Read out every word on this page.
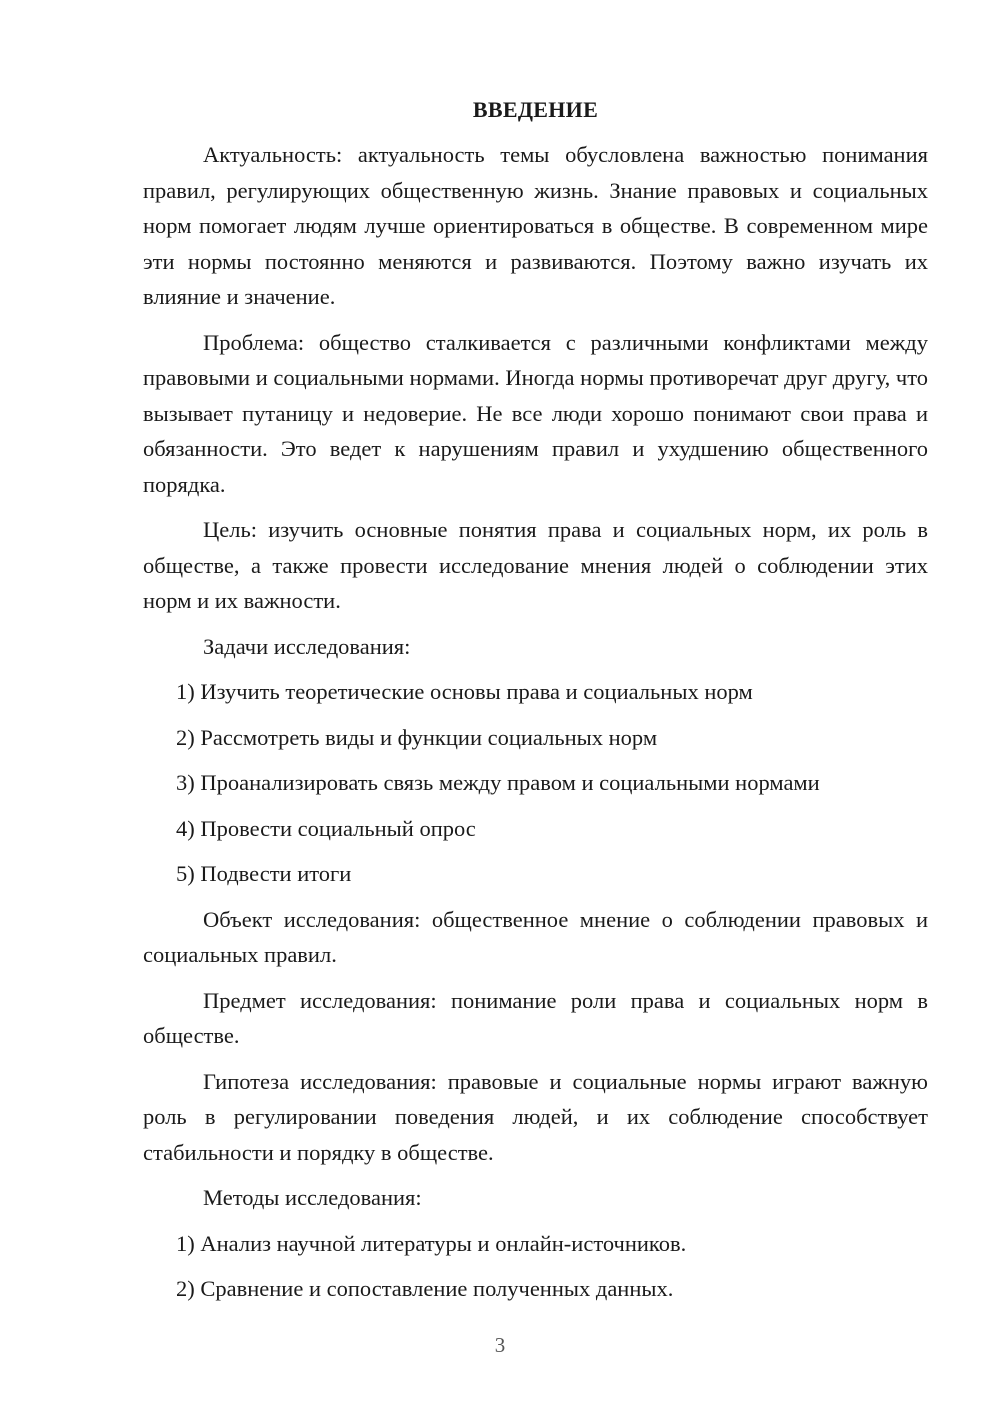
ВВЕДЕНИЕ

Актуальность: актуальность темы обусловлена важностью понимания правил, регулирующих общественную жизнь. Знание правовых и социальных норм помогает людям лучше ориентироваться в обществе. В современном мире эти нормы постоянно меняются и развиваются. Поэтому важно изучать их влияние и значение.

Проблема: общество сталкивается с различными конфликтами между правовыми и социальными нормами. Иногда нормы противоречат друг другу, что вызывает путаницу и недоверие. Не все люди хорошо понимают свои права и обязанности. Это ведет к нарушениям правил и ухудшению общественного порядка.

Цель: изучить основные понятия права и социальных норм, их роль в обществе, а также провести исследование мнения людей о соблюдении этих норм и их важности.

Задачи исследования:

1) Изучить теоретические основы права и социальных норм
2) Рассмотреть виды и функции социальных норм
3) Проанализировать связь между правом и социальными нормами
4) Провести социальный опрос
5) Подвести итоги

Объект исследования: общественное мнение о соблюдении правовых и социальных правил.

Предмет исследования: понимание роли права и социальных норм в обществе.

Гипотеза исследования: правовые и социальные нормы играют важную роль в регулировании поведения людей, и их соблюдение способствует стабильности и порядку в обществе.

Методы исследования:

1) Анализ научной литературы и онлайн-источников.
2) Сравнение и сопоставление полученных данных.
3
